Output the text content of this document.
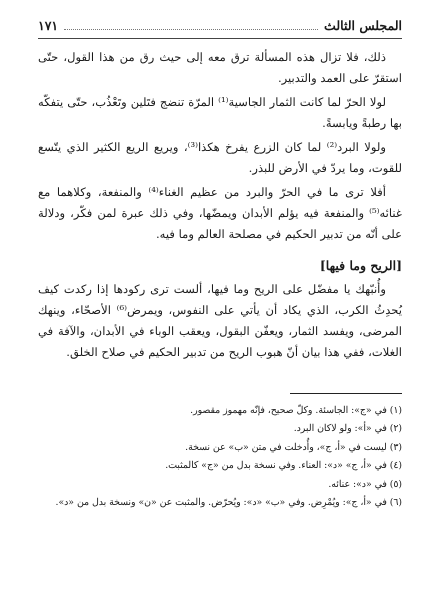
المجلس الثالث
١٧١

ذلك، فلا تزال هذه المسألة ترق معه إلى حيث رق من هذا القول، حتّى استقرّ على العمد والتدبير.

لولا الحرّ لما كانت الثمار الجاسية⁽¹⁾ المرّة تنضج فتَلين وتَعْذُب، حتّى يتفكّه بها رطبةً ويابسةً.

ولولا البرد⁽²⁾ لما كان الزرع يفرخ هكذا⁽³⁾، ويريع الريع الكثير الذي يتّسع للقوت، وما يردّ في الأرض للبذر.

أفلا ترى ما في الحرّ والبرد من عظيم الغناء⁽⁴⁾ والمنفعة، وكلاهما مع غنائه⁽⁵⁾ والمنفعة فيه يؤلم الأبدان ويمضّها، وفي ذلك عبرة لمن فكّر، ودلالة على أنّه من تدبير الحكيم في مصلحة العالم وما فيه.

[الريح وما فيها]

وأُنبّهك يا مفضّل على الريح وما فيها، ألست ترى ركودها إذا ركدت كيف يُحدِثُ الكرب، الذي يكاد أن يأتي على النفوس، ويمرض⁽⁶⁾ الأصحّاء، وينهك المرضى، ويفسد الثمار، ويعفّن البقول، ويعقب الوباء في الأبدان، والآفة في الغلات، ففي هذا بيان أنّ هبوب الريح من تدبير الحكيم في صلاح الخلق.

(١) في «ج»: الجاسئة. وكلّ صحيح، فإنّه مهموز مقصور.
(٢) في «أ»: ولو لاكان البرد.
(٣) ليست في «أ، ج»، وأُدخلت في متن «ب» عن نسخة.
(٤) في «أ، ج» «د»: العناء. وفي نسخة بدل من «ج» كالمثبت.
(٥) في «د»: عنائه.
(٦) في «أ، ج»: ويُمْرِض. وفي «ب» «د»: ويُحرّض. والمثبت عن «ن» ونسخة بدل من «د».
